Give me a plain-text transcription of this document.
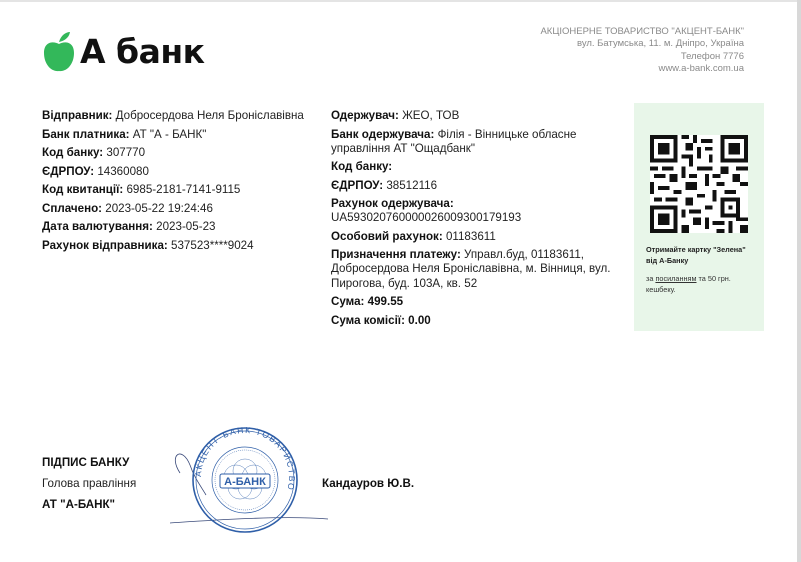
А банк	АКЦІОНЕРНЕ ТОВАРИСТВО "АКЦЕНТ-БАНК"
вул. Батумська, 11. м. Дніпро, Україна
Телефон 7776
www.a-bank.com.ua
Відправник: Добросердова Неля Броніславівна
Банк платника: АТ "А - БАНК"
Код банку: 307770
ЄДРПОУ: 14360080
Код квитанції: 6985-2181-7141-9115
Сплачено: 2023-05-22 19:24:46
Дата валютування: 2023-05-23
Рахунок відправника: 537523****9024
Одержувач: ЖЕО, ТОВ
Банк одержувача: Філія - Вінницьке обласне управління АТ "Ощадбанк"
Код банку:
ЄДРПОУ: 38512116
Рахунок одержувача:
UA593020760000026009300179193
Особовий рахунок: 01183611
Призначення платежу: Управл.буд, 01183611, Добросердова Неля Броніславівна, м. Вінниця, вул. Пирогова, буд. 103А, кв. 52
Сума: 499.55
Сума комісії: 0.00
Отримайте картку "Зелена" від А-Банку
за посиланням та 50 грн. кешбеку.
А-БАНК
АКЦЕНТ-БАНК ТОВАРИСТВО
ПІДПИС БАНКУ
Голова правління
АТ "А-БАНК"
Кандауров Ю.В.
